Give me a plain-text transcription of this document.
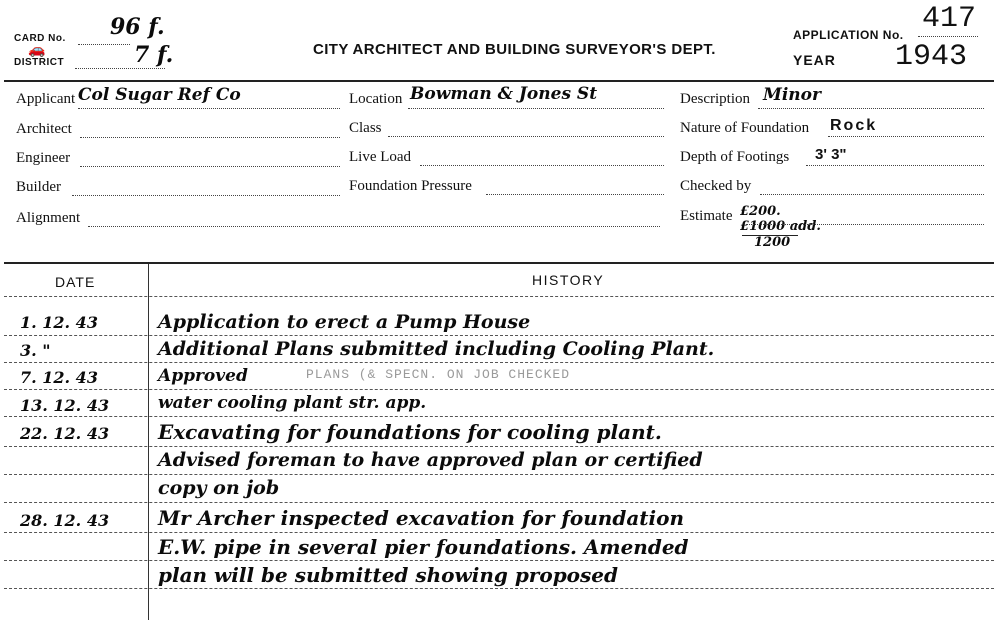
CARD No. 96 f.
🚗
DISTRICT	7 f.	CITY ARCHITECT AND BUILDING SURVEYOR'S DEPT.
APPLICATION No. 417
YEAR 1943
Applicant Col Sugar Ref Co
Architect
Engineer
Builder
Alignment
Location Bowman & Jones St
Class
Live Load
Foundation Pressure
Description Minor
Nature of Foundation Rock
Depth of Footings 3' 3"
Checked by
Estimate £200.
£1000 add.
1200
DATE	HISTORY
1. 12. 43	Application to erect a Pump House
3. "	Additional Plans submitted including Cooling Plant.
7. 12. 43	Approved	PLANS (& SPECN. ON JOB CHECKED
13. 12. 43	water cooling plant str. app.
22. 12. 43 Excavating for foundations for cooling plant.
Advised foreman to have approved plan or certified
copy on job
28. 12. 43 Mr Archer inspected excavation for foundation
E.W. pipe in several pier foundations. Amended
plan will be submitted showing proposed
